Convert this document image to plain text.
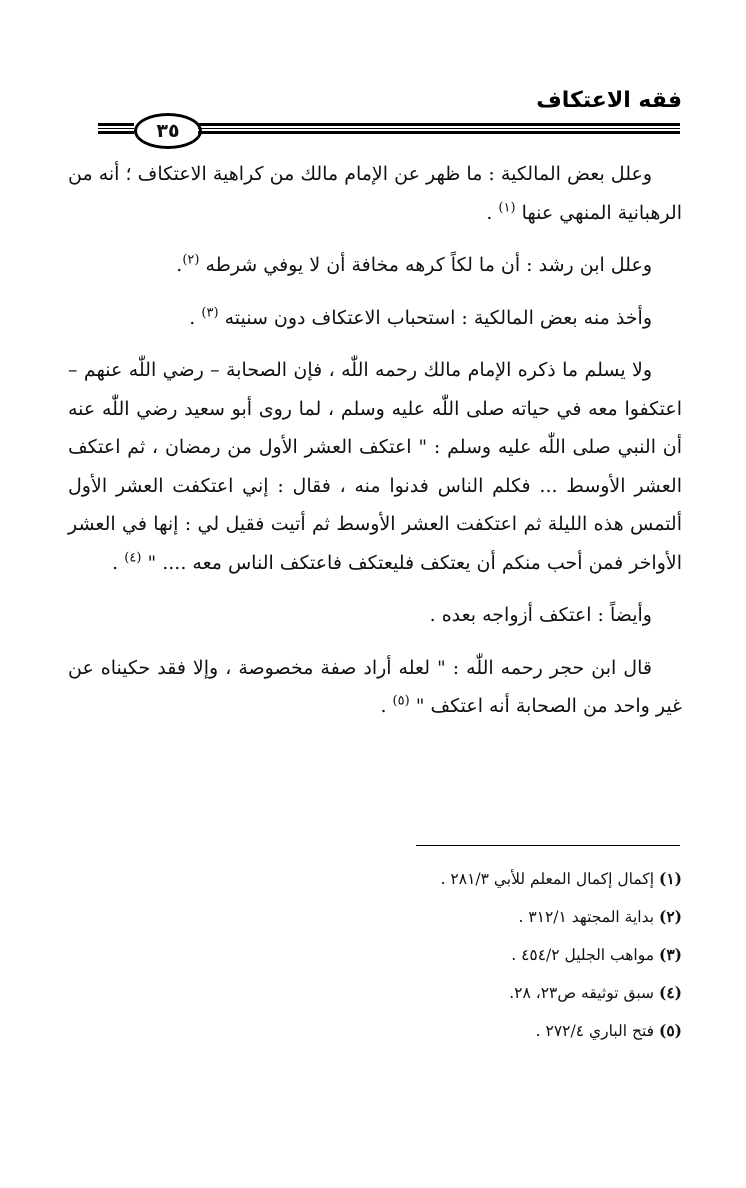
فقه الاعتكاف
٣٥

وعلل بعض المالكية : ما ظهر عن الإمام مالك من كراهية الاعتكاف ؛ أنه من الرهبانية المنهي عنها $^{(١)}$ .

وعلل ابن رشد : أن ما لكاً كرهه مخافة أن لا يوفي شرطه $^{(٢)}$.

وأخذ منه بعض المالكية : استحباب الاعتكاف دون سنيته $^{(٣)}$ .

ولا يسلم ما ذكره الإمام مالك رحمه اللّٰه ، فإن الصحابة – رضي اللّٰه عنهم – اعتكفوا معه في حياته صلى اللّٰه عليه وسلم ، لما روى أبو سعيد رضي اللّٰه عنه أن النبي صلى اللّٰه عليه وسلم : " اعتكف العشر الأول من رمضان ، ثم اعتكف العشر الأوسط ... فكلم الناس فدنوا منه ، فقال : إني اعتكفت العشر الأول ألتمس هذه الليلة ثم اعتكفت العشر الأوسط ثم أتيت فقيل لي : إنها في العشر الأواخر فمن أحب منكم أن يعتكف فليعتكف فاعتكف الناس معه .... " $^{(٤)}$ .

وأيضاً : اعتكف أزواجه بعده .

قال ابن حجر رحمه اللّٰه : " لعله أراد صفة مخصوصة ، وإلا فقد حكيناه عن غير واحد من الصحابة أنه اعتكف " $^{(٥)}$ .

(١) إكمال إكمال المعلم للأبي ٢٨١/٣ .

(٢) بداية المجتهد ٣١٢/١ .

(٣) مواهب الجليل ٤٥٤/٢ .

(٤) سبق توثيقه ص٢٣، ٢٨.

(٥) فتح الباري ٢٧٢/٤ .
